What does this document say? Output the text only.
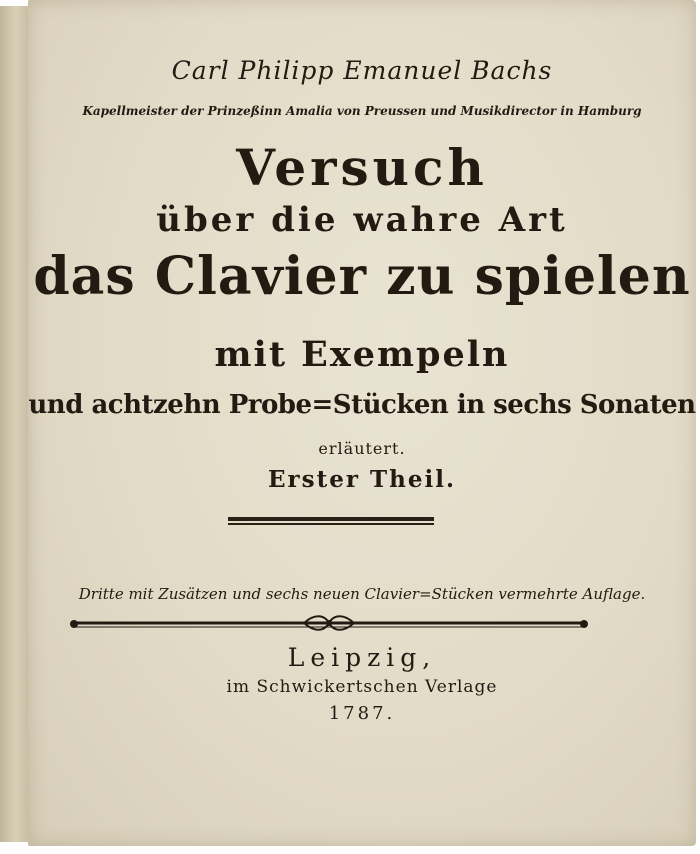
Carl Philipp Emanuel Bachs
Kapellmeister der Prinzeßinn Amalia von Preussen und Musikdirector in Hamburg
Versuch
über die wahre Art
das Clavier zu spielen
mit Exempeln
und achtzehn Probe=Stücken in sechs Sonaten
erläutert.
Erster Theil.
Dritte mit Zusätzen und sechs neuen Clavier=Stücken vermehrte Auflage.
Leipzig,
im Schwickertschen Verlage
1787.
